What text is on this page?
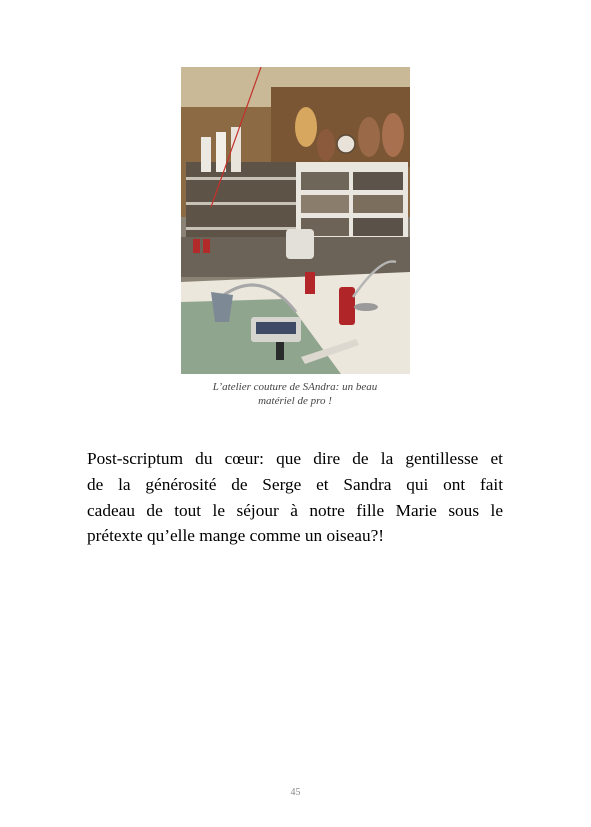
L’atelier couture de SAndra: un beau
matériel de pro !
Post-scriptum du cœur: que dire de la gentillesse et
de la générosité de Serge et Sandra qui ont fait
cadeau de tout le séjour à notre fille Marie sous le
prétexte qu’elle mange comme un oiseau?!
45
